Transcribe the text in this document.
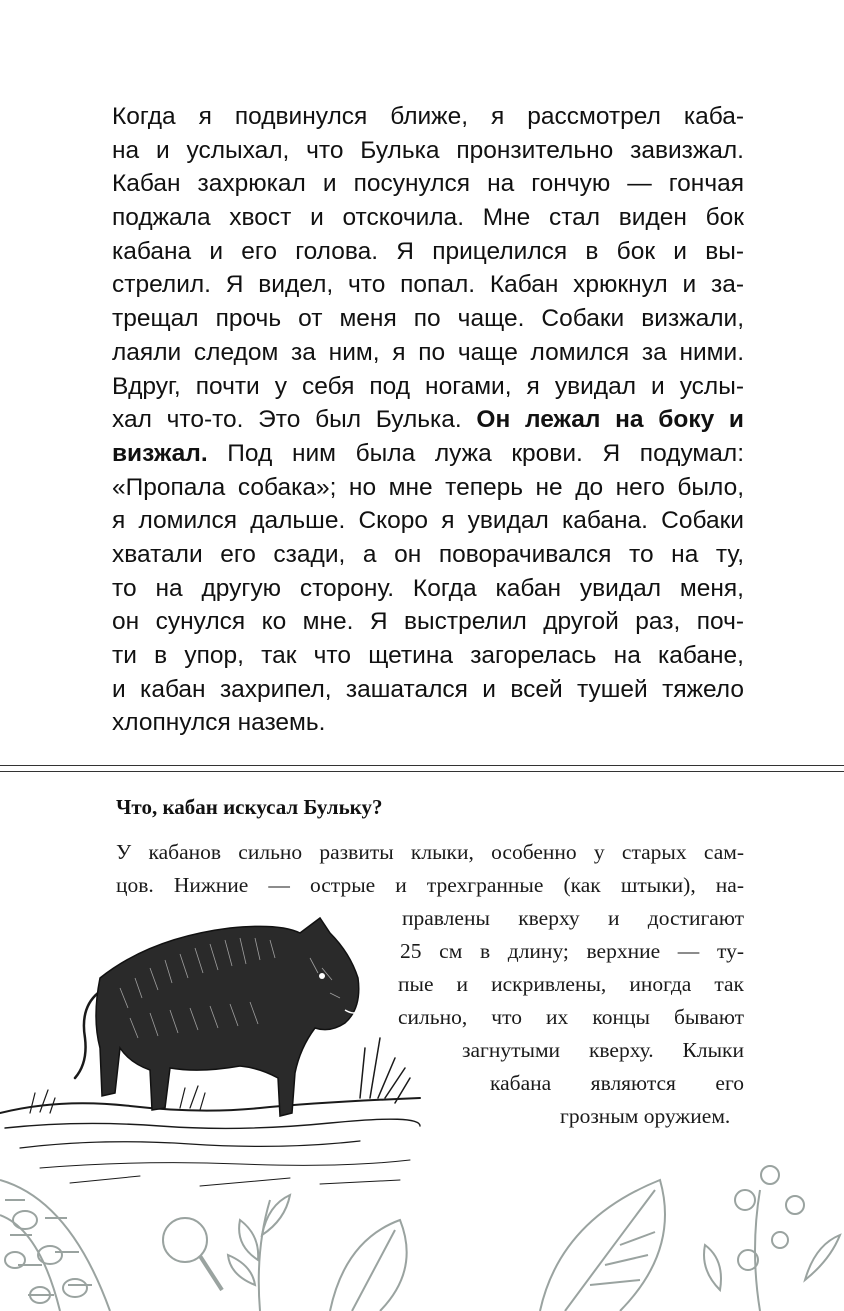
Когда я подвинулся ближе, я рассмотрел каба-
на и услыхал, что Булька пронзительно завизжал.
Кабан захрюкал и посунулся на гончую — гончая
поджала хвост и отскочила. Мне стал виден бок
кабана и его голова. Я прицелился в бок и вы-
стрелил. Я видел, что попал. Кабан хрюкнул и за-
трещал прочь от меня по чаще. Собаки визжали,
лаяли следом за ним, я по чаще ломился за ними.
Вдруг, почти у себя под ногами, я увидал и услы-
хал что-то. Это был Булька. Он лежал на боку и
визжал. Под ним была лужа крови. Я подумал:
«Пропала собака»; но мне теперь не до него было,
я ломился дальше. Скоро я увидал кабана. Собаки
хватали его сзади, а он поворачивался то на ту,
то на другую сторону. Когда кабан увидал меня,
он сунулся ко мне. Я выстрелил другой раз, поч-
ти в упор, так что щетина загорелась на кабане,
и кабан захрипел, зашатался и всей тушей тяжело
хлопнулся наземь.
Что, кабан искусал Бульку?
У кабанов сильно развиты клыки, особенно у старых сам-
цов. Нижние — острые и трехгранные (как штыки), на-
правлены кверху и достигают
25 см в длину; верхние — ту-
пые и искривлены, иногда так
сильно, что их концы бывают
загнутыми кверху. Клыки
кабана являются его
грозным оружием.
